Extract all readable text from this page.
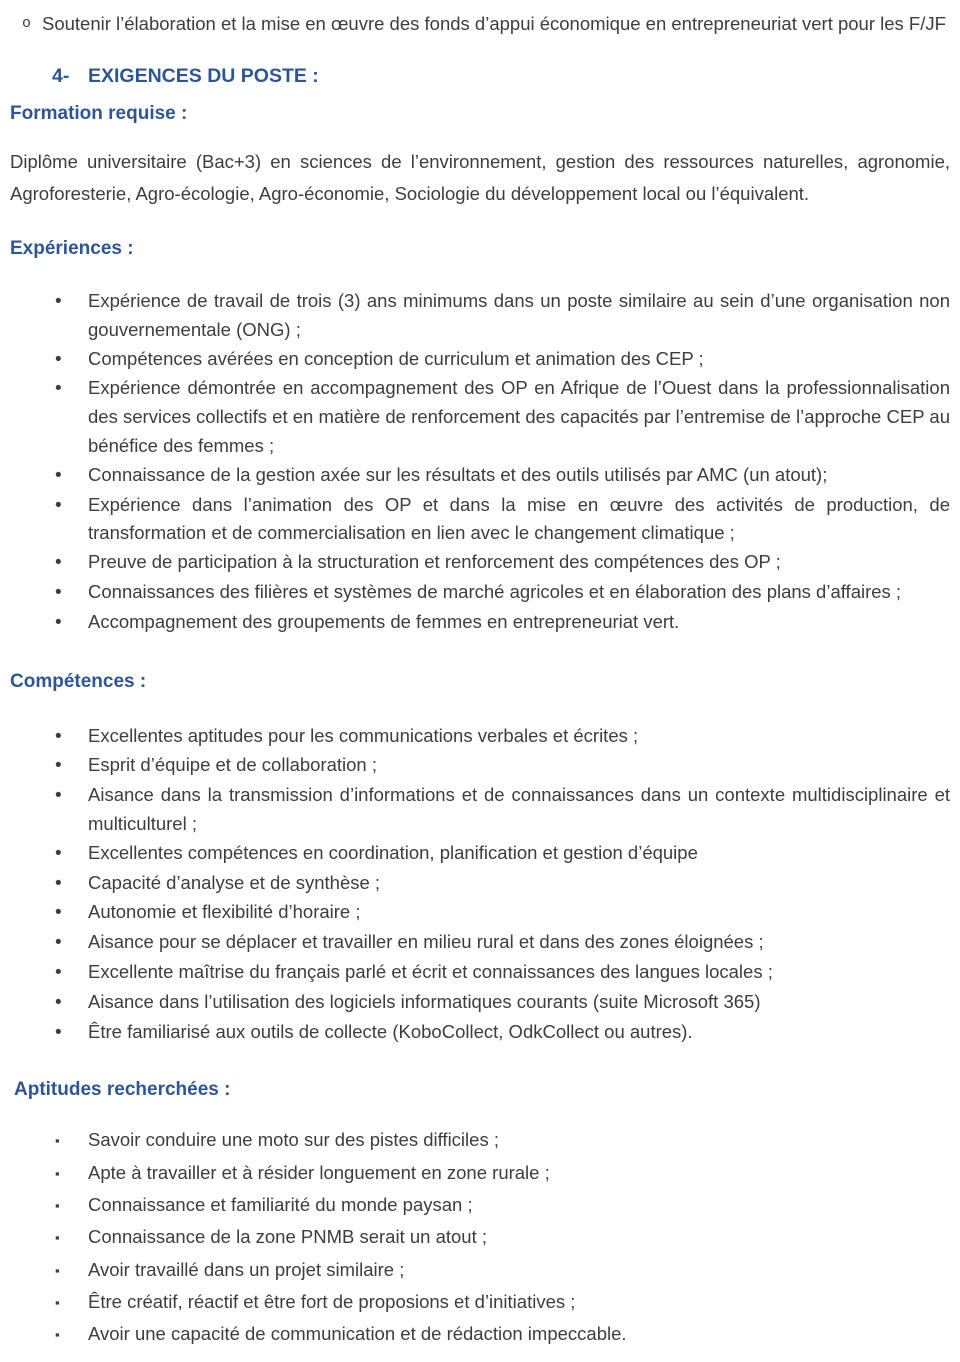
o Soutenir l’élaboration et la mise en œuvre des fonds d’appui économique en entrepreneuriat vert pour les F/JF
4- EXIGENCES DU POSTE :
Formation requise :

Diplôme universitaire (Bac+3) en sciences de l’environnement, gestion des ressources naturelles, agronomie, Agroforesterie, Agro-écologie, Agro-économie, Sociologie du développement local ou l’équivalent.

Expériences :
•
Expérience de travail de trois (3) ans minimums dans un poste similaire au sein d’une organisation non gouvernementale (ONG) ;
•
Compétences avérées en conception de curriculum et animation des CEP ;
•
Expérience démontrée en accompagnement des OP en Afrique de l’Ouest dans la professionnalisation des services collectifs et en matière de renforcement des capacités par l’entremise de l’approche CEP au bénéfice des femmes ;
•
Connaissance de la gestion axée sur les résultats et des outils utilisés par AMC (un atout);
•
Expérience dans l’animation des OP et dans la mise en œuvre des activités de production, de transformation et de commercialisation en lien avec le changement climatique ;
•
Preuve de participation à la structuration et renforcement des compétences des OP ;
•
Connaissances des filières et systèmes de marché agricoles et en élaboration des plans d’affaires ;
•
Accompagnement des groupements de femmes en entrepreneuriat vert.
Compétences :
•
Excellentes aptitudes pour les communications verbales et écrites ;
•
Esprit d’équipe et de collaboration ;
•
Aisance dans la transmission d’informations et de connaissances dans un contexte multidisciplinaire et multiculturel ;
•
Excellentes compétences en coordination, planification et gestion d’équipe
•
Capacité d’analyse et de synthèse ;
•
Autonomie et flexibilité d’horaire ;
•
Aisance pour se déplacer et travailler en milieu rural et dans des zones éloignées ;
•
Excellente maîtrise du français parlé et écrit et connaissances des langues locales ;
•
Aisance dans l’utilisation des logiciels informatiques courants (suite Microsoft 365)
•
Être familiarisé aux outils de collecte (KoboCollect, OdkCollect ou autres).
Aptitudes recherchées :
▪
Savoir conduire une moto sur des pistes difficiles ;
▪
Apte à travailler et à résider longuement en zone rurale ;
▪
Connaissance et familiarité du monde paysan ;
▪
Connaissance de la zone PNMB serait un atout ;
▪
Avoir travaillé dans un projet similaire ;
▪
Être créatif, réactif et être fort de proposions et d’initiatives ;
▪
Avoir une capacité de communication et de rédaction impeccable.
